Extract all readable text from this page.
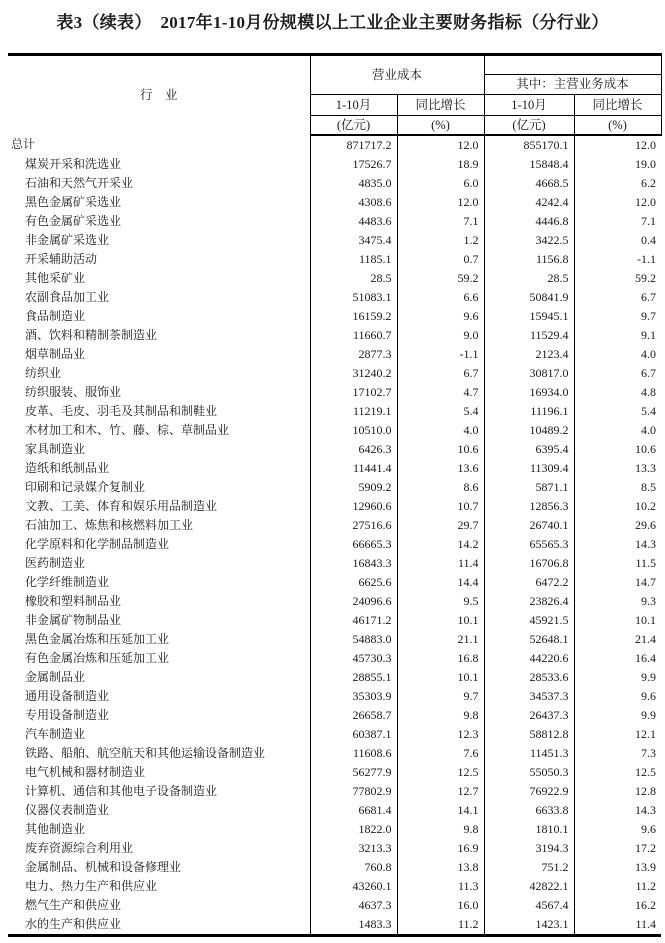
表3（续表）　2017年1-10月份规模以上工业企业主要财务指标（分行业）
行　业	营业成本			
			其中：主营业务成本	
	1-10月	同比增长	1-10月	同比增长
	(亿元)	(%)	(亿元)	(%)
总计	871717.2	12.0	855170.1	12.0
煤炭开采和洗选业	17526.7	18.9	15848.4	19.0
石油和天然气开采业	4835.0	6.0	4668.5	6.2
黑色金属矿采选业	4308.6	12.0	4242.4	12.0
有色金属矿采选业	4483.6	7.1	4446.8	7.1
非金属矿采选业	3475.4	1.2	3422.5	0.4
开采辅助活动	1185.1	0.7	1156.8	-1.1
其他采矿业	28.5	59.2	28.5	59.2
农副食品加工业	51083.1	6.6	50841.9	6.7
食品制造业	16159.2	9.6	15945.1	9.7
酒、饮料和精制茶制造业	11660.7	9.0	11529.4	9.1
烟草制品业	2877.3	-1.1	2123.4	4.0
纺织业	31240.2	6.7	30817.0	6.7
纺织服装、服饰业	17102.7	4.7	16934.0	4.8
皮革、毛皮、羽毛及其制品和制鞋业	11219.1	5.4	11196.1	5.4
木材加工和木、竹、藤、棕、草制品业	10510.0	4.0	10489.2	4.0
家具制造业	6426.3	10.6	6395.4	10.6
造纸和纸制品业	11441.4	13.6	11309.4	13.3
印刷和记录媒介复制业	5909.2	8.6	5871.1	8.5
文教、工美、体育和娱乐用品制造业	12960.6	10.7	12856.3	10.2
石油加工、炼焦和核燃料加工业	27516.6	29.7	26740.1	29.6
化学原料和化学制品制造业	66665.3	14.2	65565.3	14.3
医药制造业	16843.3	11.4	16706.8	11.5
化学纤维制造业	6625.6	14.4	6472.2	14.7
橡胶和塑料制品业	24096.6	9.5	23826.4	9.3
非金属矿物制品业	46171.2	10.1	45921.5	10.1
黑色金属冶炼和压延加工业	54883.0	21.1	52648.1	21.4
有色金属冶炼和压延加工业	45730.3	16.8	44220.6	16.4
金属制品业	28855.1	10.1	28533.6	9.9
通用设备制造业	35303.9	9.7	34537.3	9.6
专用设备制造业	26658.7	9.8	26437.3	9.9
汽车制造业	60387.1	12.3	58812.8	12.1
铁路、船舶、航空航天和其他运输设备制造业	11608.6	7.6	11451.3	7.3
电气机械和器材制造业	56277.9	12.5	55050.3	12.5
计算机、通信和其他电子设备制造业	77802.9	12.7	76922.9	12.8
仪器仪表制造业	6681.4	14.1	6633.8	14.3
其他制造业	1822.0	9.8	1810.1	9.6
废弃资源综合利用业	3213.3	16.9	3194.3	17.2
金属制品、机械和设备修理业	760.8	13.8	751.2	13.9
电力、热力生产和供应业	43260.1	11.3	42822.1	11.2
燃气生产和供应业	4637.3	16.0	4567.4	16.2
水的生产和供应业	1483.3	11.2	1423.1	11.4
